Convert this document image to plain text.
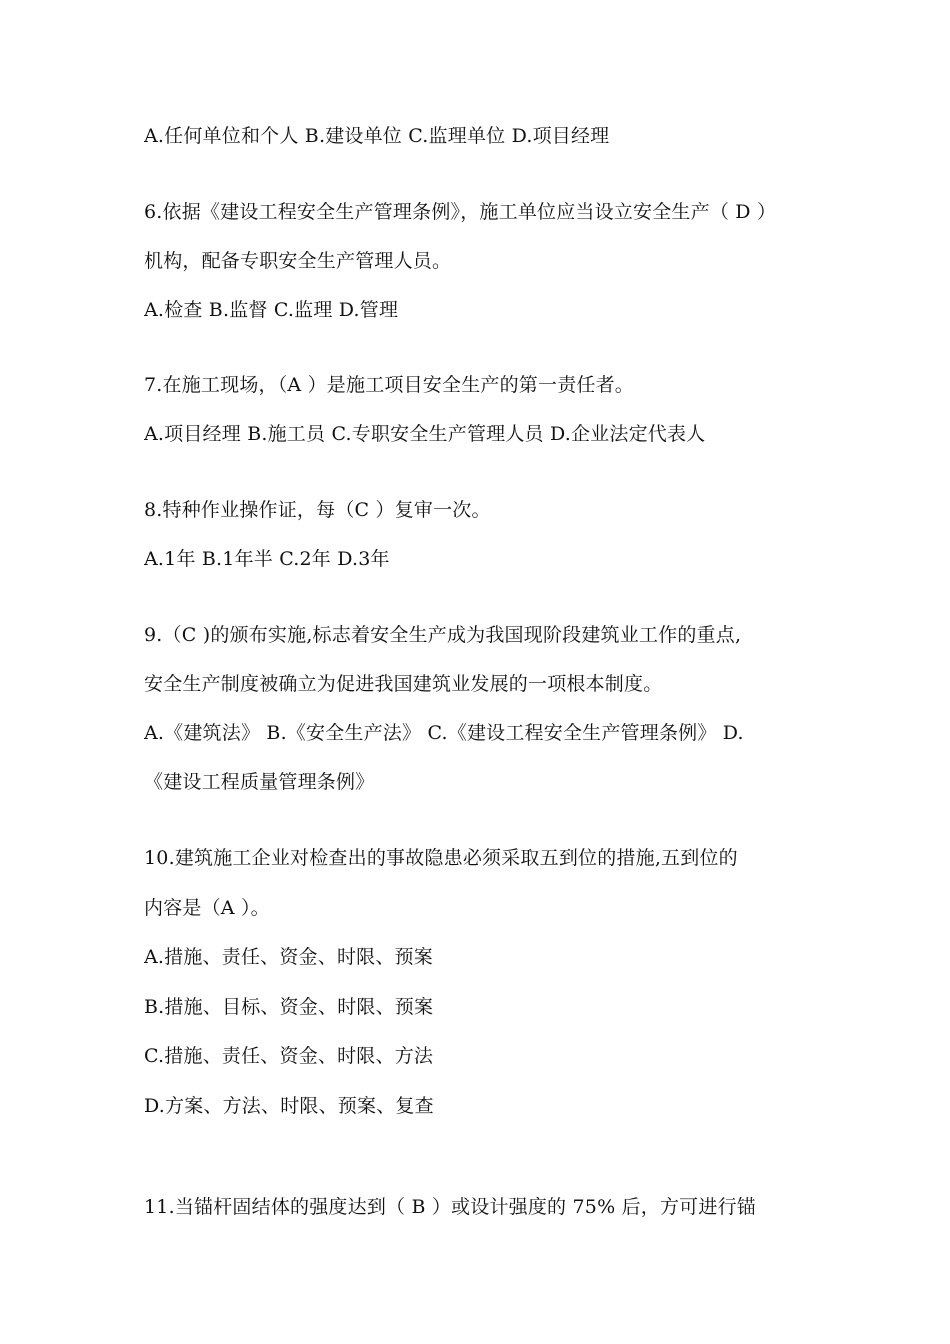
A.任何单位和个人 B.建设单位 C.监理单位 D.项目经理
6.依据《建设工程安全生产管理条例》，施工单位应当设立安全生产（ D ）
机构，配备专职安全生产管理人员。
A.检查 B.监督 C.监理 D.管理
7.在施工现场，（A ）是施工项目安全生产的第一责任者。
A.项目经理 B.施工员 C.专职安全生产管理人员 D.企业法定代表人
8.特种作业操作证，每（C ）复审一次。
A.1年 B.1年半 C.2年 D.3年
9.（C )的颁布实施,标志着安全生产成为我国现阶段建筑业工作的重点,
安全生产制度被确立为促进我国建筑业发展的一项根本制度。
A.《建筑法》 B.《安全生产法》 C.《建设工程安全生产管理条例》 D.
《建设工程质量管理条例》
10.建筑施工企业对检查出的事故隐患必须采取五到位的措施,五到位的
内容是（A ）。
A.措施、责任、资金、时限、预案
B.措施、目标、资金、时限、预案
C.措施、责任、资金、时限、方法
D.方案、方法、时限、预案、复查
11.当锚杆固结体的强度达到（ B ）或设计强度的 75% 后，方可进行锚
